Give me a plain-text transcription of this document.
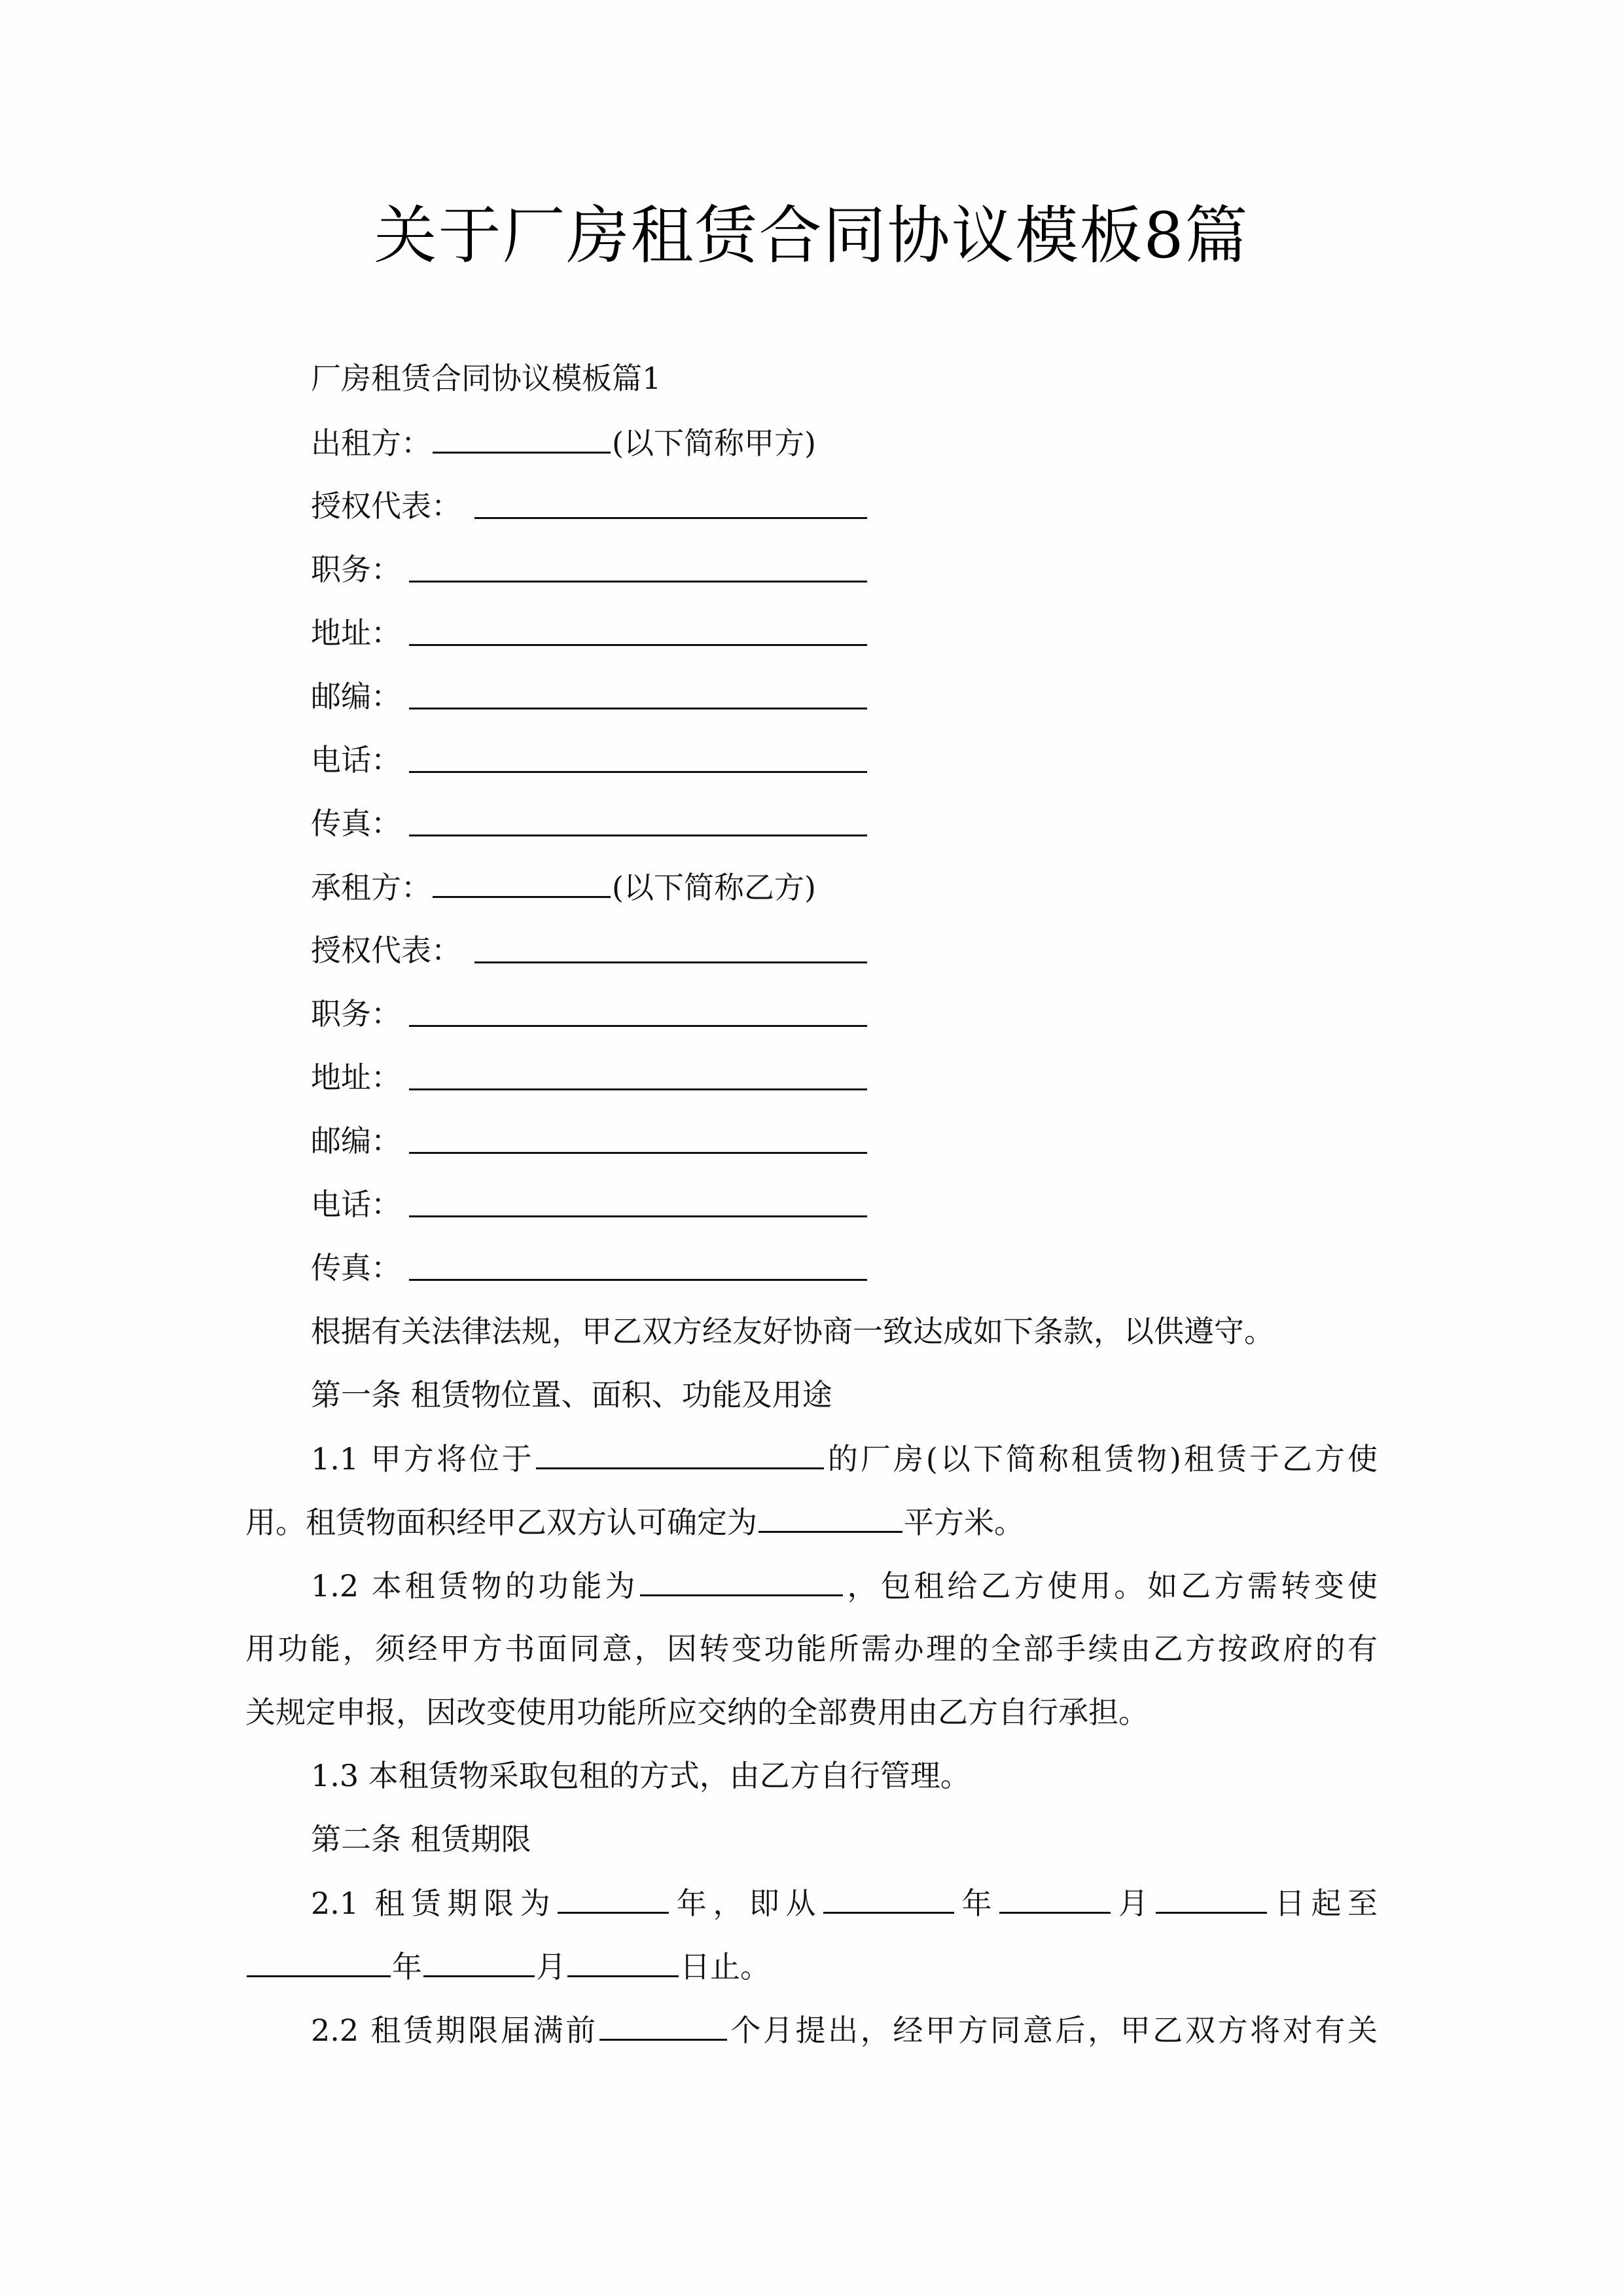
关于厂房租赁合同协议模板8篇
厂房租赁合同协议模板篇1
出租方：	(以下简称甲方)
授权代表：
职务：
地址：
邮编：
电话：
传真：
承租方：	(以下简称乙方)
授权代表：
职务：
地址：
邮编：
电话：
传真：
根据有关法律法规，甲乙双方经友好协商一致达成如下条款，以供遵守。
第一条 租赁物位置、面积、功能及用途
1.1 甲方将位于	的厂房(以下简称租赁物)租赁于乙方使
用。租赁物面积经甲乙双方认可确定为	平方米。
1.2 本租赁物的功能为	，包租给乙方使用。如乙方需转变使
用功能，须经甲方书面同意，因转变功能所需办理的全部手续由乙方按政府的有
关规定申报，因改变使用功能所应交纳的全部费用由乙方自行承担。
1.3 本租赁物采取包租的方式，由乙方自行管理。
第二条 租赁期限
2.1 租赁期限为	年，即从	年	月	日起至
年	月	日止。
2.2 租赁期限届满前	个月提出，经甲方同意后，甲乙双方将对有关
